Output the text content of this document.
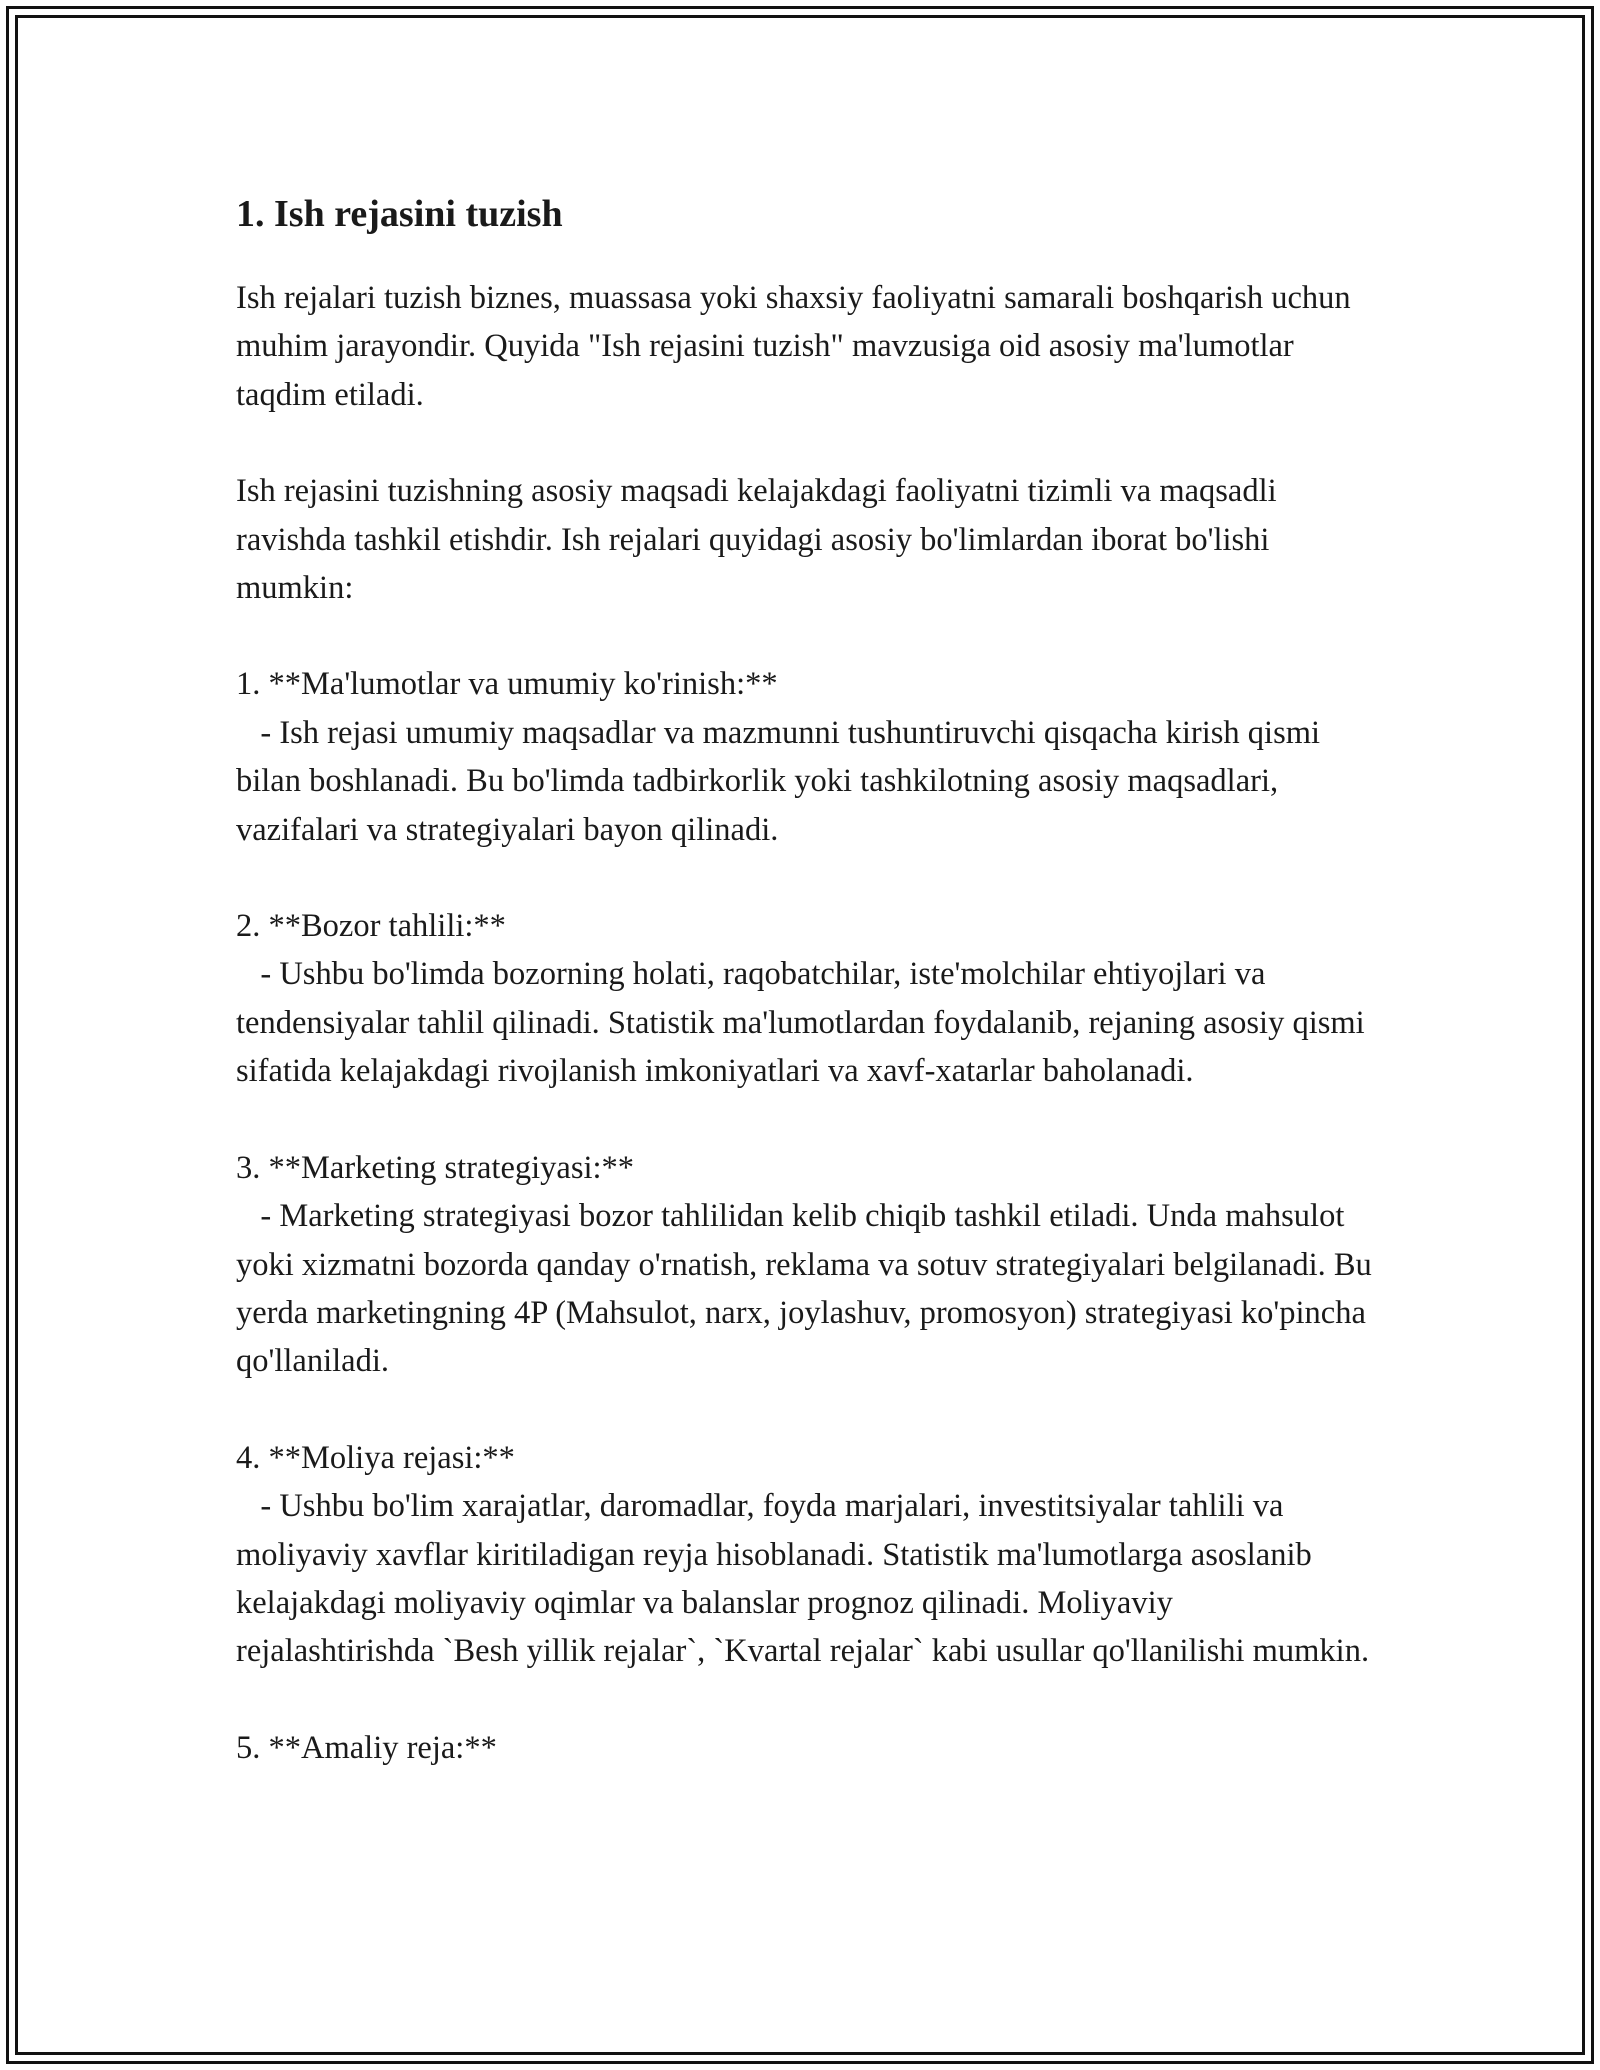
1. Ish rejasini tuzish

Ish rejalari tuzish biznes, muassasa yoki shaxsiy faoliyatni samarali boshqarish uchun muhim jarayondir. Quyida "Ish rejasini tuzish" mavzusiga oid asosiy ma'lumotlar taqdim etiladi.

Ish rejasini tuzishning asosiy maqsadi kelajakdagi faoliyatni tizimli va maqsadli ravishda tashkil etishdir. Ish rejalari quyidagi asosiy bo'limlardan iborat bo'lishi mumkin:

1. **Ma'lumotlar va umumiy ko'rinish:**

- Ish rejasi umumiy maqsadlar va mazmunni tushuntiruvchi qisqacha kirish qismi bilan boshlanadi. Bu bo'limda tadbirkorlik yoki tashkilotning asosiy maqsadlari, vazifalari va strategiyalari bayon qilinadi.

2. **Bozor tahlili:**

- Ushbu bo'limda bozorning holati, raqobatchilar, iste'molchilar ehtiyojlari va tendensiyalar tahlil qilinadi. Statistik ma'lumotlardan foydalanib, rejaning asosiy qismi sifatida kelajakdagi rivojlanish imkoniyatlari va xavf-xatarlar baholanadi.

3. **Marketing strategiyasi:**

- Marketing strategiyasi bozor tahlilidan kelib chiqib tashkil etiladi. Unda mahsulot yoki xizmatni bozorda qanday o'rnatish, reklama va sotuv strategiyalari belgilanadi. Bu yerda marketingning 4P (Mahsulot, narx, joylashuv, promosyon) strategiyasi ko'pincha qo'llaniladi.

4. **Moliya rejasi:**

- Ushbu bo'lim xarajatlar, daromadlar, foyda marjalari, investitsiyalar tahlili va moliyaviy xavflar kiritiladigan reyja hisoblanadi. Statistik ma'lumotlarga asoslanib kelajakdagi moliyaviy oqimlar va balanslar prognoz qilinadi. Moliyaviy rejalashtirishda `Besh yillik rejalar`, `Kvartal rejalar` kabi usullar qo'llanilishi mumkin.

5. **Amaliy reja:**
